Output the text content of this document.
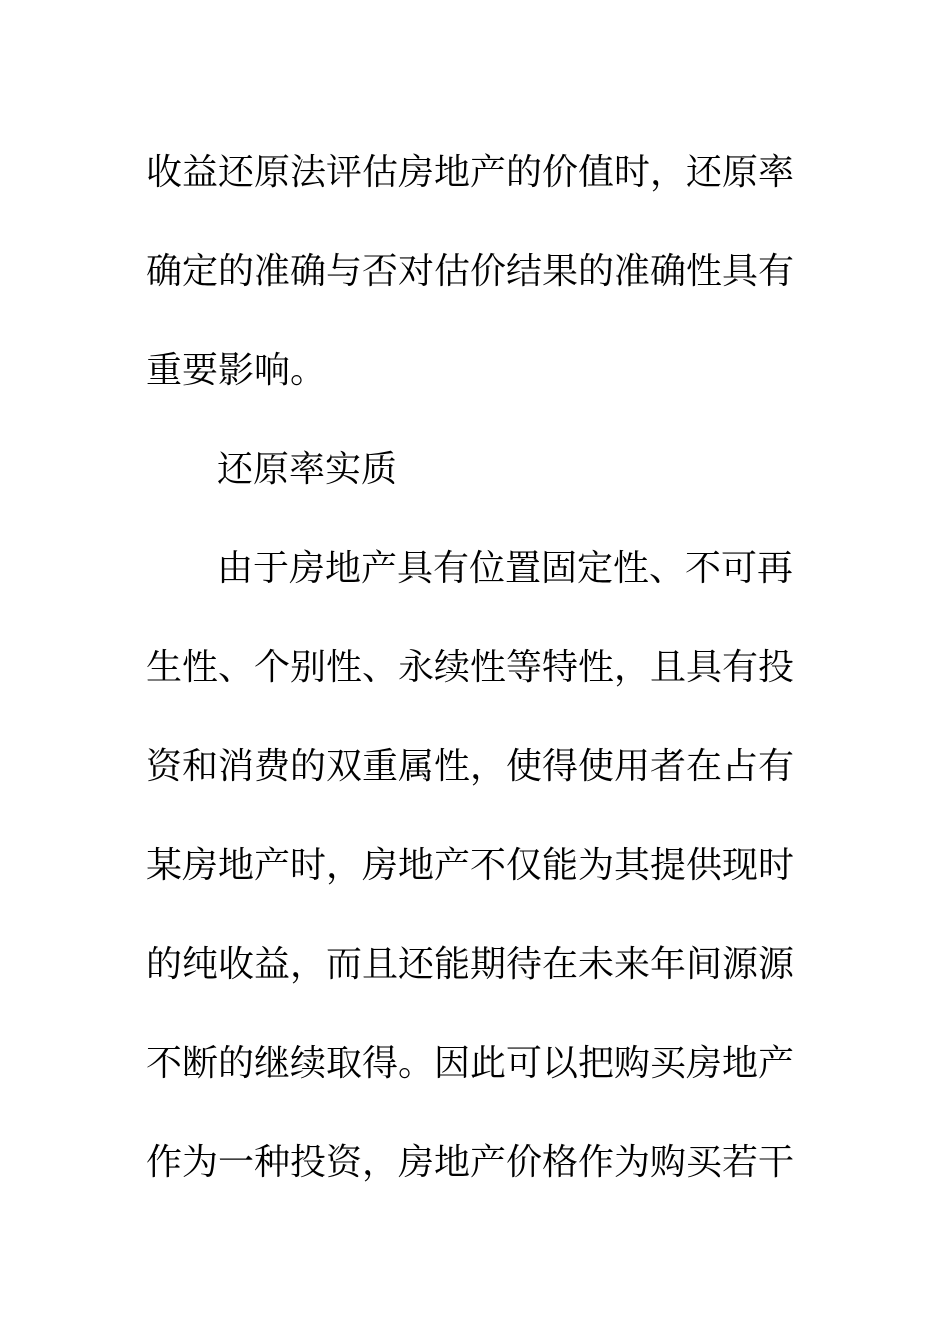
收益还原法评估房地产的价值时，还原率
确定的准确与否对估价结果的准确性具有
重要影响。
还原率实质
由于房地产具有位置固定性、不可再
生性、个别性、永续性等特性，且具有投
资和消费的双重属性，使得使用者在占有
某房地产时，房地产不仅能为其提供现时
的纯收益，而且还能期待在未来年间源源
不断的继续取得。因此可以把购买房地产
作为一种投资，房地产价格作为购买若干
